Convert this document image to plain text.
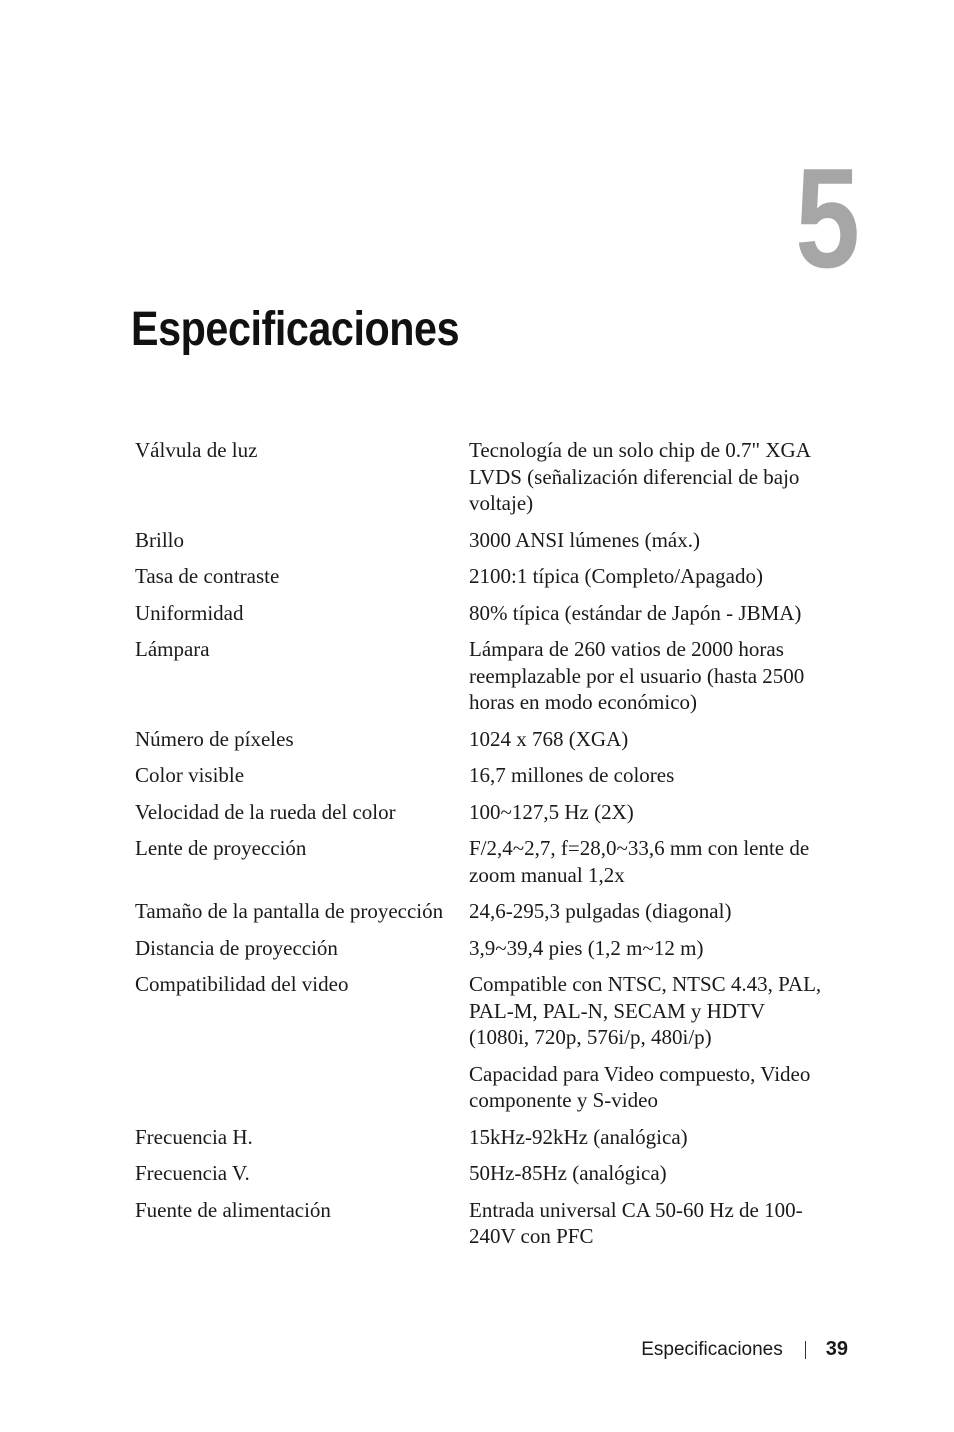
5
Especificaciones
Válvula de luz	Tecnología de un solo chip de 0.7" XGA LVDS (señalización diferencial de bajo voltaje)

Brillo	3000 ANSI lúmenes (máx.)

Tasa de contraste	2100:1 típica (Completo/Apagado)

Uniformidad	80% típica (estándar de Japón - JBMA)

Lámpara	Lámpara de 260 vatios de 2000 horas reemplazable por el usuario (hasta 2500 horas en modo económico)

Número de píxeles	1024 x 768 (XGA)

Color visible	16,7 millones de colores

Velocidad de la rueda del color	100~127,5 Hz (2X)

Lente de proyección	F/2,4~2,7, f=28,0~33,6 mm con lente de zoom manual 1,2x

Tamaño de la pantalla de proyección	24,6-295,3 pulgadas (diagonal)

Distancia de proyección	3,9~39,4 pies (1,2 m~12 m)

Compatibilidad del video	Compatible con NTSC, NTSC 4.43, PAL, PAL-M, PAL-N, SECAM y HDTV (1080i, 720p, 576i/p, 480i/p)
Capacidad para Video compuesto, Video componente y S-video

Frecuencia H.	15kHz-92kHz (analógica)

Frecuencia V.	50Hz-85Hz (analógica)

Fuente de alimentación	Entrada universal CA 50-60 Hz de 100-240V con PFC
Especificaciones 39
